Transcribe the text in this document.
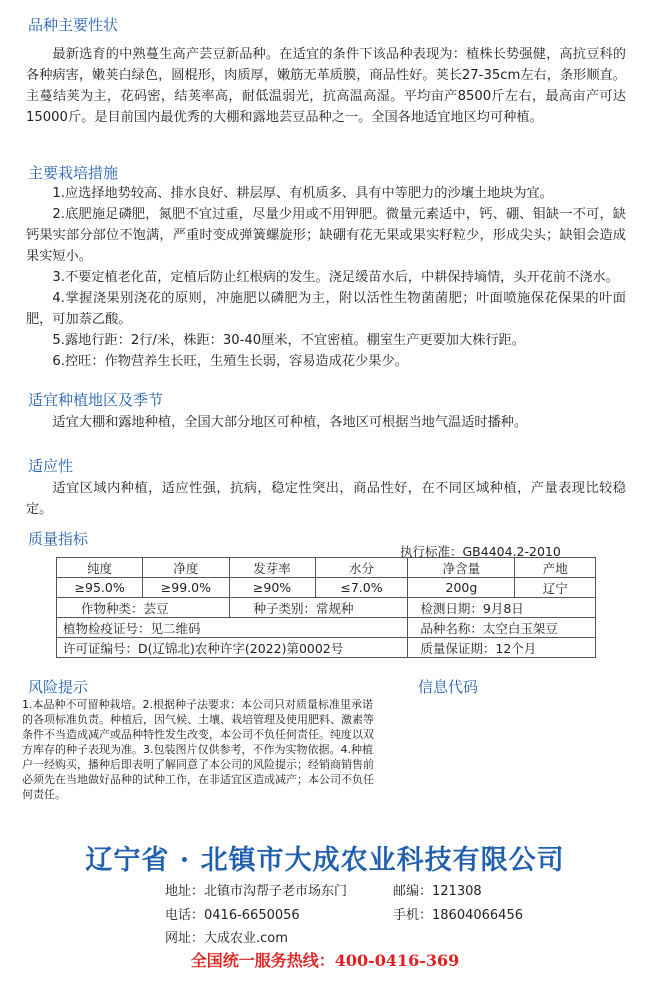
品种主要性状

最新选育的中熟蔓生高产芸豆新品种。在适宜的条件下该品种表现为：植株长势强健，高抗豆科的各种病害，嫩荚白绿色，圆棍形，肉质厚，嫩筋无革质膜，商品性好。荚长27-35cm左右，条形顺直。主蔓结荚为主，花码密，结荚率高，耐低温弱光，抗高温高湿。平均亩产8500斤左右，最高亩产可达15000斤。是目前国内最优秀的大棚和露地芸豆品种之一。全国各地适宜地区均可种植。

主要栽培措施
1.应选择地势较高、排水良好、耕层厚、有机质多、具有中等肥力的沙壤土地块为宜。
2.底肥施足磷肥，氮肥不宜过重，尽量少用或不用钾肥。微量元素适中，钙、硼、钼缺一不可，缺钙果实部分部位不饱满，严重时变成弹簧螺旋形；缺硼有花无果或果实籽粒少，形成尖头；缺钼会造成果实短小。
3.不要定植老化苗，定植后防止红根病的发生。浇足缓苗水后，中耕保持墒情，头开花前不浇水。
4.掌握浇果别浇花的原则，冲施肥以磷肥为主，附以活性生物菌菌肥；叶面喷施保花保果的叶面肥，可加萘乙酸。
5.露地行距：2行/米，株距：30-40厘米，不宜密植。棚室生产更要加大株行距。
6.控旺：作物营养生长旺，生殖生长弱，容易造成花少果少。
适宜种植地区及季节

适宜大棚和露地种植，全国大部分地区可种植，各地区可根据当地气温适时播种。

适应性

适宜区域内种植，适应性强，抗病，稳定性突出，商品性好，在不同区域种植，产量表现比较稳定。

质量指标
执行标准：GB4404.2-2010
纯度	净度	发芽率	水分	净含量	产地
≥95.0%	≥99.0%	≥90%	≤7.0%	200g	辽宁
作物种类：芸豆		种子类别：常规种		检测日期：9月8日	
植物检疫证号：见二维码				品种名称：太空白玉架豆	
许可证编号：D(辽锦北)农种许字(2022)第0002号				质量保证期：12个月	
风险提示

1.本品种不可留种栽培。2.根据种子法要求：本公司只对质量标准里承诺 的各项标准负责。种植后，因气候、土壤、栽培管理及使用肥料、激素等条件不当造成减产或品种特性发生改变，本公司不负任何责任。纯度以双方库存的种子表现为准。3.包装图片仅供参考，不作为实物依据。4.种植户一经购买，播种后即表明了解同意了本公司的风险提示；经销商销售前必须先在当地做好品种的试种工作，在非适宜区造成减产；本公司不负任何责任。

信息代码
辽宁省 · 北镇市大成农业科技有限公司
地址：北镇市沟帮子老市场东门	邮编：121308
电话：0416-6650056	手机：18604066456
网址：大成农业.com
全国统一服务热线：400-0416-369
